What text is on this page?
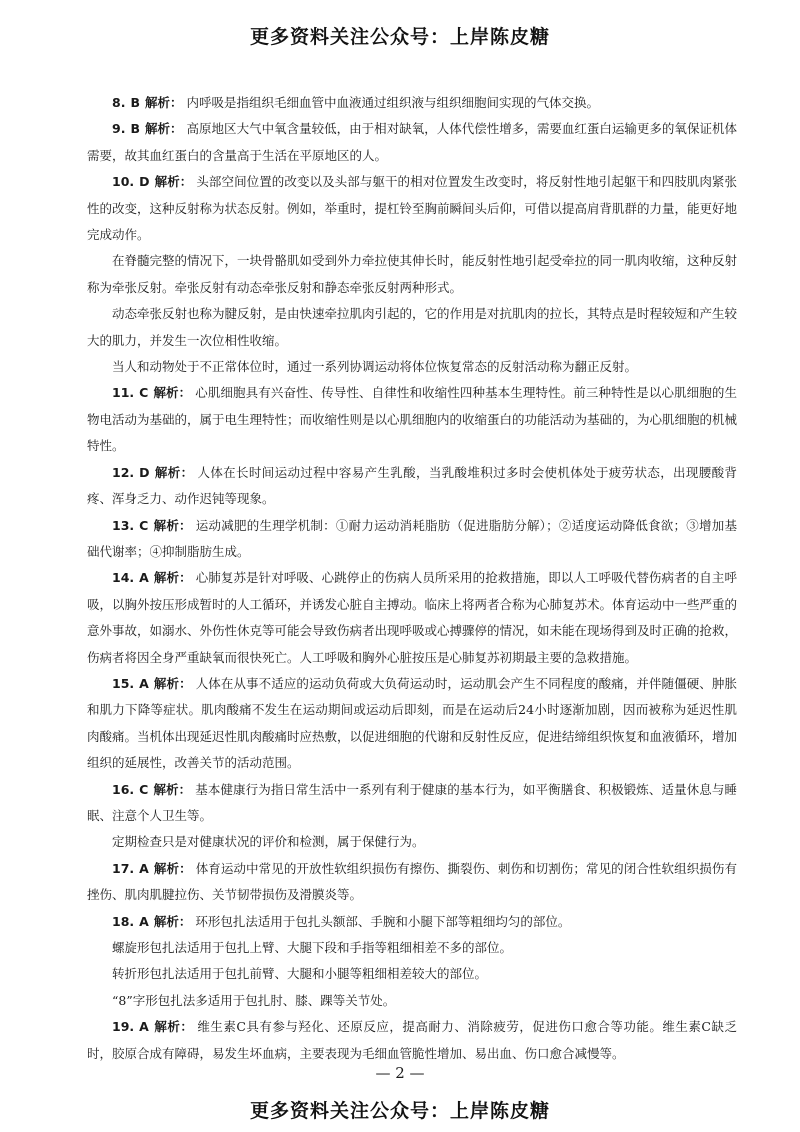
更多资料关注公众号：上岸陈皮糖

8. B 解析： 内呼吸是指组织毛细血管中血液通过组织液与组织细胞间实现的气体交换。

9. B 解析： 高原地区大气中氧含量较低，由于相对缺氧，人体代偿性增多，需要血红蛋白运输更多的氧保证机体需要，故其血红蛋白的含量高于生活在平原地区的人。

10. D 解析： 头部空间位置的改变以及头部与躯干的相对位置发生改变时，将反射性地引起躯干和四肢肌肉紧张性的改变，这种反射称为状态反射。例如，举重时，提杠铃至胸前瞬间头后仰，可借以提高肩背肌群的力量，能更好地完成动作。

在脊髓完整的情况下，一块骨骼肌如受到外力牵拉使其伸长时，能反射性地引起受牵拉的同一肌肉收缩，这种反射称为牵张反射。牵张反射有动态牵张反射和静态牵张反射两种形式。

动态牵张反射也称为腱反射，是由快速牵拉肌肉引起的，它的作用是对抗肌肉的拉长，其特点是时程较短和产生较大的肌力，并发生一次位相性收缩。

当人和动物处于不正常体位时，通过一系列协调运动将体位恢复常态的反射活动称为翻正反射。

11. C 解析： 心肌细胞具有兴奋性、传导性、自律性和收缩性四种基本生理特性。前三种特性是以心肌细胞的生物电活动为基础的，属于电生理特性；而收缩性则是以心肌细胞内的收缩蛋白的功能活动为基础的，为心肌细胞的机械特性。

12. D 解析： 人体在长时间运动过程中容易产生乳酸，当乳酸堆积过多时会使机体处于疲劳状态，出现腰酸背疼、浑身乏力、动作迟钝等现象。

13. C 解析： 运动减肥的生理学机制：①耐力运动消耗脂肪（促进脂肪分解）；②适度运动降低食欲；③增加基础代谢率；④抑制脂肪生成。

14. A 解析： 心肺复苏是针对呼吸、心跳停止的伤病人员所采用的抢救措施，即以人工呼吸代替伤病者的自主呼吸，以胸外按压形成暂时的人工循环，并诱发心脏自主搏动。临床上将两者合称为心肺复苏术。体育运动中一些严重的意外事故，如溺水、外伤性休克等可能会导致伤病者出现呼吸或心搏骤停的情况，如未能在现场得到及时正确的抢救，伤病者将因全身严重缺氧而很快死亡。人工呼吸和胸外心脏按压是心肺复苏初期最主要的急救措施。

15. A 解析： 人体在从事不适应的运动负荷或大负荷运动时，运动肌会产生不同程度的酸痛，并伴随僵硬、肿胀和肌力下降等症状。肌肉酸痛不发生在运动期间或运动后即刻，而是在运动后24小时逐渐加剧，因而被称为延迟性肌肉酸痛。当机体出现延迟性肌肉酸痛时应热敷，以促进细胞的代谢和反射性反应，促进结缔组织恢复和血液循环，增加组织的延展性，改善关节的活动范围。

16. C 解析： 基本健康行为指日常生活中一系列有利于健康的基本行为，如平衡膳食、积极锻炼、适量休息与睡眠、注意个人卫生等。

定期检查只是对健康状况的评价和检测，属于保健行为。

17. A 解析： 体育运动中常见的开放性软组织损伤有擦伤、撕裂伤、刺伤和切割伤；常见的闭合性软组织损伤有挫伤、肌肉肌腱拉伤、关节韧带损伤及滑膜炎等。

18. A 解析： 环形包扎法适用于包扎头额部、手腕和小腿下部等粗细均匀的部位。

螺旋形包扎法适用于包扎上臂、大腿下段和手指等粗细相差不多的部位。

转折形包扎法适用于包扎前臂、大腿和小腿等粗细相差较大的部位。

“8”字形包扎法多适用于包扎肘、膝、踝等关节处。

19. A 解析： 维生素C具有参与羟化、还原反应，提高耐力、消除疲劳，促进伤口愈合等功能。维生素C缺乏时，胶原合成有障碍，易发生坏血病，主要表现为毛细血管脆性增加、易出血、伤口愈合减慢等。

— 2 —
更多资料关注公众号：上岸陈皮糖
